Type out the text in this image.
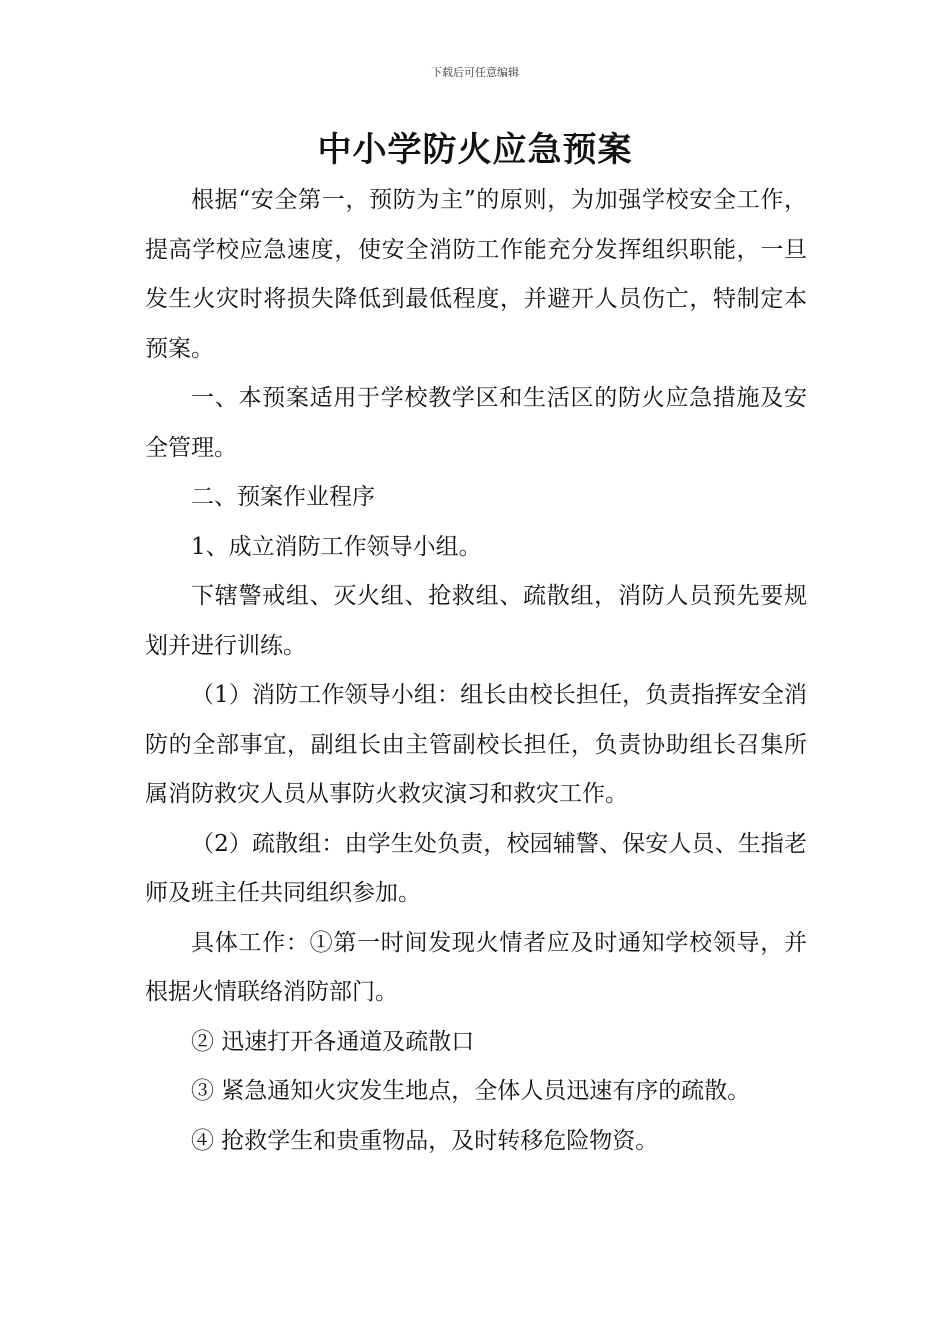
下载后可任意编辑
中小学防火应急预案

根据“安全第一，预防为主”的原则，为加强学校安全工作，提高学校应急速度，使安全消防工作能充分发挥组织职能，一旦发生火灾时将损失降低到最低程度，并避开人员伤亡，特制定本预案。

一、本预案适用于学校教学区和生活区的防火应急措施及安全管理。

二、预案作业程序

1、成立消防工作领导小组。

下辖警戒组、灭火组、抢救组、疏散组，消防人员预先要规划并进行训练。

（1）消防工作领导小组：组长由校长担任，负责指挥安全消防的全部事宜，副组长由主管副校长担任，负责协助组长召集所属消防救灾人员从事防火救灾演习和救灾工作。

（2）疏散组：由学生处负责，校园辅警、保安人员、生指老师及班主任共同组织参加。

具体工作：①第一时间发现火情者应及时通知学校领导，并根据火情联络消防部门。

② 迅速打开各通道及疏散口

③ 紧急通知火灾发生地点，全体人员迅速有序的疏散。

④ 抢救学生和贵重物品，及时转移危险物资。
